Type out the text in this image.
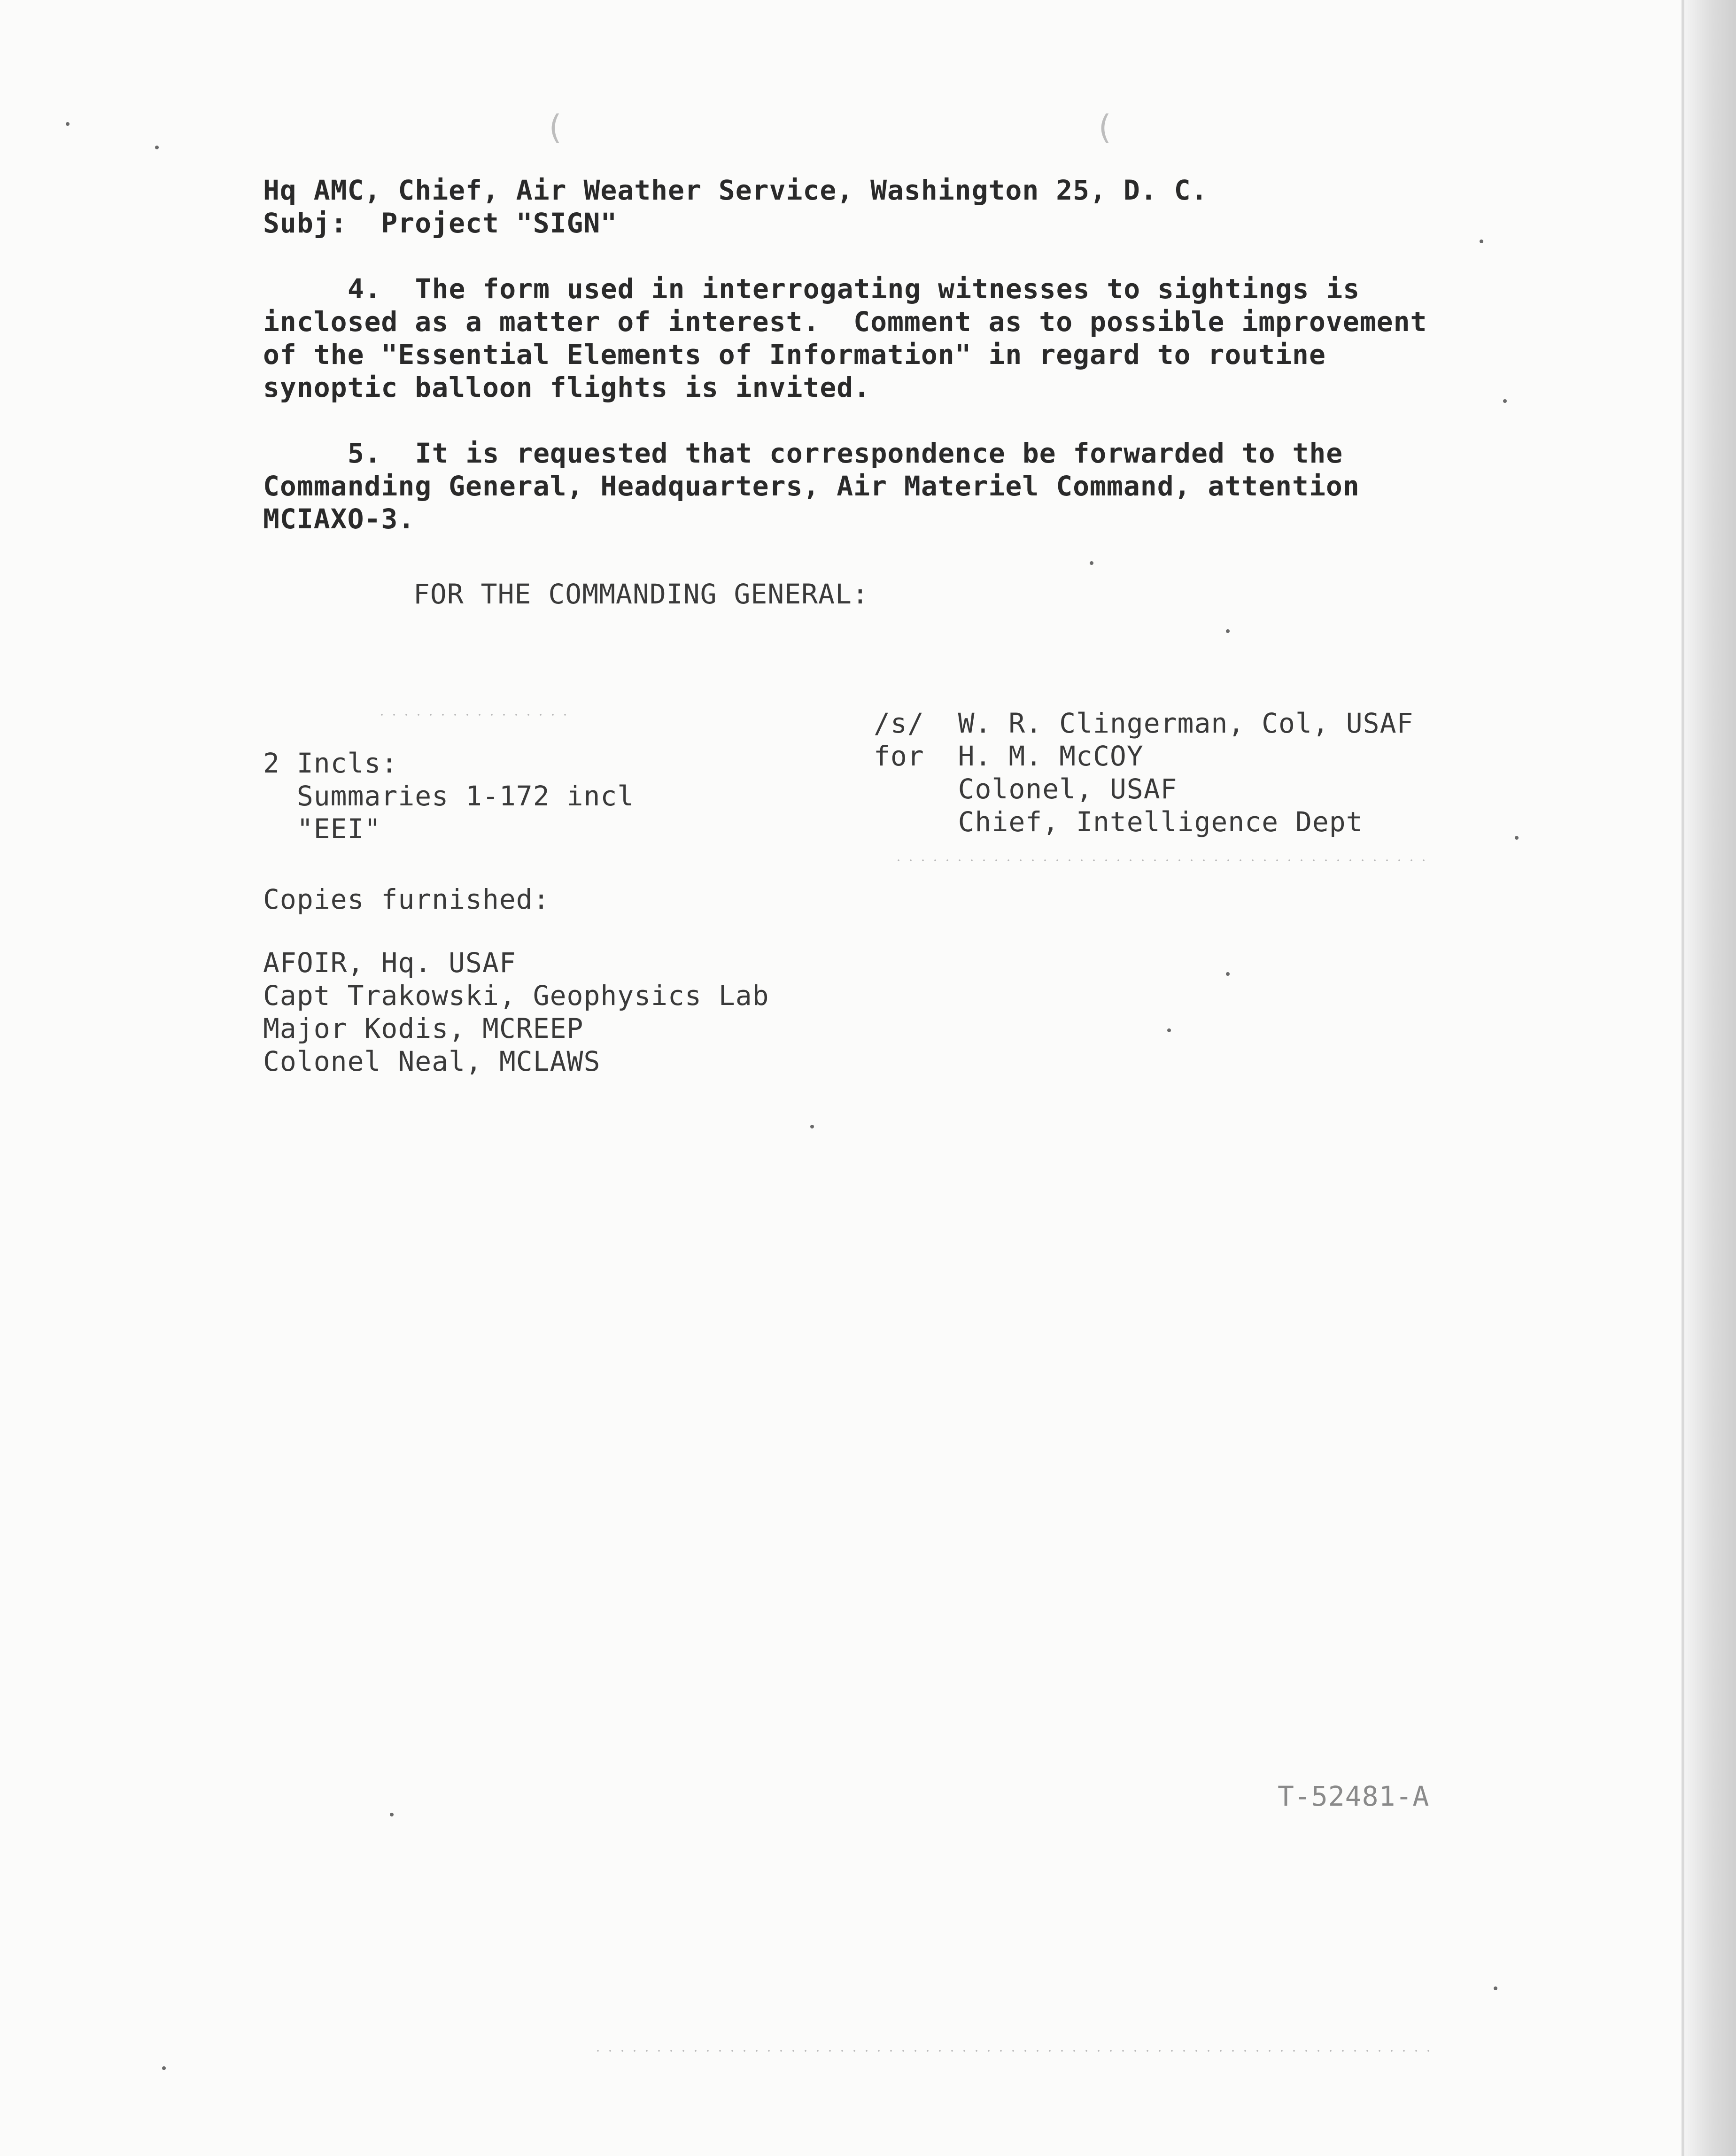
(	(
Hq AMC, Chief, Air Weather Service, Washington 25, D. C.
Subj:  Project "SIGN"
4.  The form used in interrogating witnesses to sightings is
inclosed as a matter of interest.  Comment as to possible improvement
of the "Essential Elements of Information" in regard to routine
synoptic balloon flights is invited.
5.  It is requested that correspondence be forwarded to the
Commanding General, Headquarters, Air Materiel Command, attention
MCIAXO-3.
FOR THE COMMANDING GENERAL:
/s/  W. R. Clingerman, Col, USAF
for  H. M. McCOY
Colonel, USAF
Chief, Intelligence Dept
2 Incls:
Summaries 1-172 incl
"EEI"
Copies furnished:
AFOIR, Hq. USAF
Capt Trakowski, Geophysics Lab
Major Kodis, MCREEP
Colonel Neal, MCLAWS
T-52481-A
